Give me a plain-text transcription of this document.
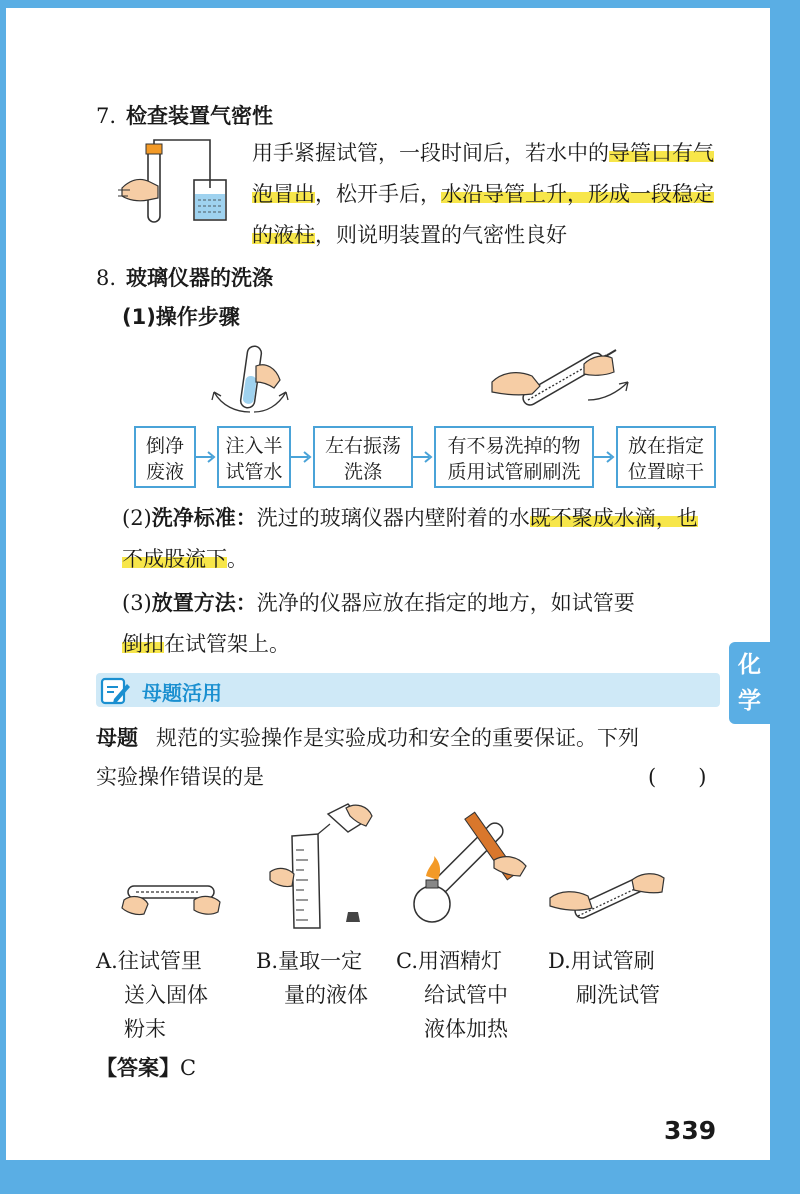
7. 检查装置气密性
用手紧握试管，一段时间后，若水中的导管口有气
泡冒出，松开手后，水沿导管上升，形成一段稳定
的液柱，则说明装置的气密性良好
8. 玻璃仪器的洗涤
(1)操作步骤
倒净
废液
注入半
试管水
左右振荡
洗涤
有不易洗掉的物
质用试管刷刷洗
放在指定
位置晾干
(2)洗净标准：洗过的玻璃仪器内壁附着的水既不聚成水滴，也
不成股流下。
(3)放置方法：洗净的仪器应放在指定的地方，如试管要
倒扣在试管架上。
母题活用
化
学
母题 规范的实验操作是实验成功和安全的重要保证。下列
实验操作错误的是	(　　)
A.往试管里
送入固体
粉末
B.量取一定
量的液体
C.用酒精灯
给试管中
液体加热
D.用试管刷
刷洗试管
【答案】C
339
